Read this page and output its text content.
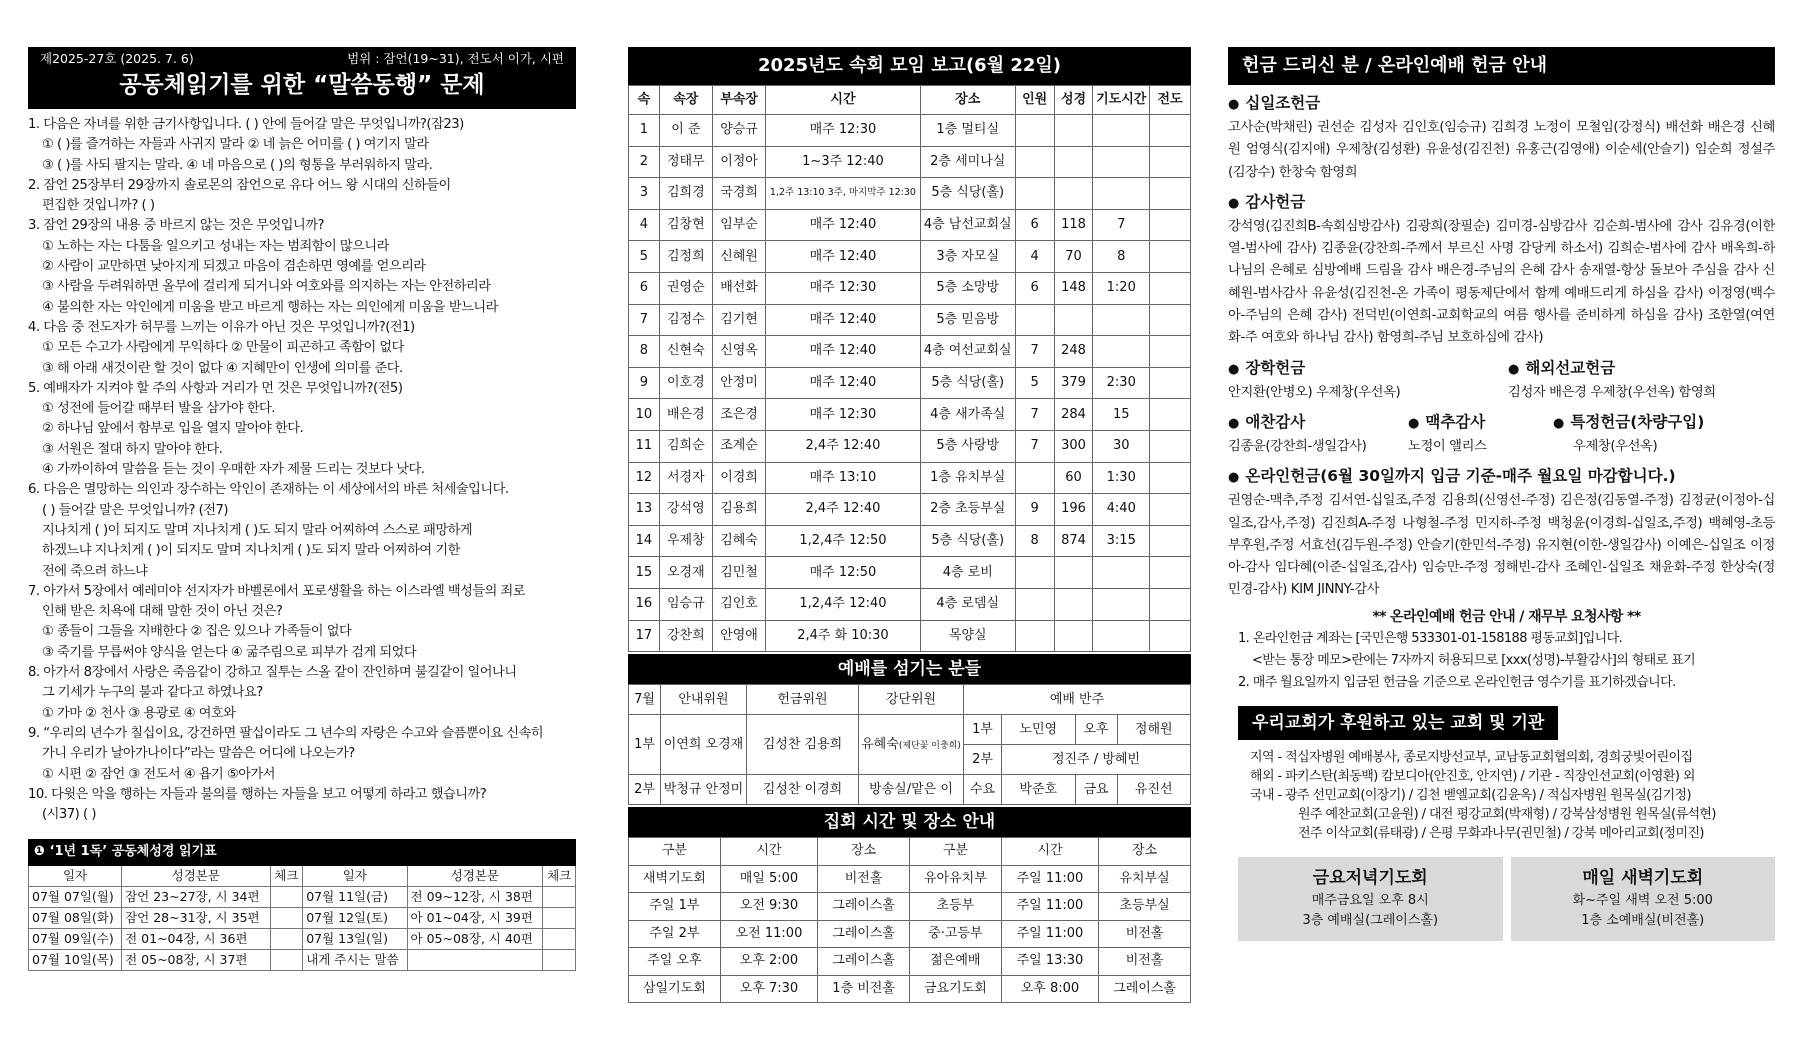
제2025-27호 (2025. 7. 6)	범위 : 잠언(19~31), 전도서 이가, 시편
공동체읽기를 위한 “말씀동행” 문제

1. 다음은 자녀를 위한 금기사항입니다. ( ) 안에 들어갈 말은 무엇입니까?(잠23)

① ( )를 즐겨하는 자들과 사귀지 말라 ② 네 늙은 어미를 ( ) 여기지 말라

③ ( )를 사되 팔지는 말라. ④ 네 마음으로 ( )의 형통을 부러워하지 말라.

2. 잠언 25장부터 29장까지 솔로몬의 잠언으로 유다 어느 왕 시대의 신하들이

편집한 것입니까? ( )

3. 잠언 29장의 내용 중 바르지 않는 것은 무엇입니까?

① 노하는 자는 다툼을 일으키고 성내는 자는 범죄함이 많으니라

② 사람이 교만하면 낮아지게 되겠고 마음이 겸손하면 영예를 얻으리라

③ 사람을 두려워하면 올무에 걸리게 되거니와 여호와를 의지하는 자는 안전하리라

④ 불의한 자는 악인에게 미움을 받고 바르게 행하는 자는 의인에게 미움을 받느니라

4. 다음 중 전도자가 허무를 느끼는 이유가 아닌 것은 무엇입니까?(전1)

① 모든 수고가 사람에게 무익하다 ② 만물이 피곤하고 족함이 없다

③ 해 아래 새것이란 할 것이 없다 ④ 지혜만이 인생에 의미를 준다.

5. 예배자가 지켜야 할 주의 사항과 거리가 먼 것은 무엇입니까?(전5)

① 성전에 들어갈 때부터 발을 삼가야 한다.

② 하나님 앞에서 함부로 입을 열지 말아야 한다.

③ 서원은 절대 하지 말아야 한다.

④ 가까이하여 말씀을 듣는 것이 우매한 자가 제물 드리는 것보다 낫다.

6. 다음은 멸망하는 의인과 장수하는 악인이 존재하는 이 세상에서의 바른 처세술입니다.

( ) 들어갈 말은 무엇입니까? (전7)

지나치게 ( )이 되지도 말며 지나치게 ( )도 되지 말라 어찌하여 스스로 패망하게

하겠느냐 지나치게 ( )이 되지도 말며 지나치게 ( )도 되지 말라 어찌하여 기한

전에 죽으려 하느냐

7. 아가서 5장에서 예레미야 선지자가 바벨론에서 포로생활을 하는 이스라엘 백성들의 죄로

인해 받은 치욕에 대해 말한 것이 아닌 것은?

① 종들이 그들을 지배한다 ② 집은 있으나 가족들이 없다

③ 죽기를 무릅써야 양식을 얻는다 ④ 굶주림으로 피부가 검게 되었다

8. 아가서 8장에서 사랑은 죽음같이 강하고 질투는 스올 같이 잔인하며 불길같이 일어나니

그 기세가 누구의 불과 같다고 하였나요?

① 가마 ② 천사 ③ 용광로 ④ 여호와

9. “우리의 년수가 칠십이요, 강건하면 팔십이라도 그 년수의 자랑은 수고와 슬픔뿐이요 신속히

가니 우리가 날아가나이다”라는 말씀은 어디에 나오는가?

① 시편 ② 잠언 ③ 전도서 ④ 욥기 ⑤아가서

10. 다윗은 악을 행하는 자들과 불의를 행하는 자들을 보고 어떻게 하라고 했습니까?

(시37) ( )

❶ ‘1년 1독’ 공동체성경 읽기표
일자	성경본문	체크	일자	성경본문	체크
07월 07일(월)	잠언 23~27장, 시 34편		07월 11일(금)	전 09~12장, 시 38편	
07월 08일(화)	잠언 28~31장, 시 35편		07월 12일(토)	아 01~04장, 시 39편	
07월 09일(수)	전 01~04장, 시 36편		07월 13일(일)	아 05~08장, 시 40편	
07월 10일(목)	전 05~08장, 시 37편		내게 주시는 말씀		
2025년도 속회 모임 보고(6월 22일)
속	속장	부속장	시간	장소	인원	성경	기도시간	전도
1	이 준	양승규	매주 12:30	1층 멀티실				
2	정태무	이정아	1~3주 12:40	2층 세미나실				
3	김희경	국경희	1,2주 13:10 3주, 마지막주 12:30	5층 식당(홀)				
4	김창현	임부순	매주 12:40	4층 남선교회실	6	118	7	
5	김정희	신혜원	매주 12:40	3층 자모실	4	70	8	
6	권영순	배선화	매주 12:30	5층 소망방	6	148	1:20	
7	김정수	김기현	매주 12:40	5층 믿음방				
8	신현숙	신영옥	매주 12:40	4층 여선교회실	7	248		
9	이호경	안정미	매주 12:40	5층 식당(홀)	5	379	2:30	
10	배은경	조은경	매주 12:30	4층 새가족실	7	284	15	
11	김희순	조계순	2,4주 12:40	5층 사랑방	7	300	30	
12	서경자	이경희	매주 13:10	1층 유치부실		60	1:30	
13	강석영	김용희	2,4주 12:40	2층 초등부실	9	196	4:40	
14	우제창	김혜숙	1,2,4주 12:50	5층 식당(홀)	8	874	3:15	
15	오경재	김민철	매주 12:50	4층 로비				
16	임승규	김인호	1,2,4주 12:40	4층 로뎀실				
17	강찬희	안영애	2,4주 화 10:30	목양실				
예배를 섬기는 분들
7월	안내위원	헌금위원	강단위원	예배 반주			
1부	이연희 오경재	김성찬 김용희	유혜숙(제단꽃 이충희)	1부	노민영	오후	정해원
				2부	정진주 / 방혜빈		
2부	박청규 안정미	김성찬 이경희	방송실/맡은 이	수요	박준호	금요	유진선
집회 시간 및 장소 안내
구분	시간	장소	구분	시간	장소
새벽기도회	매일 5:00	비전홀	유아유치부	주일 11:00	유치부실
주일 1부	오전 9:30	그레이스홀	초등부	주일 11:00	초등부실
주일 2부	오전 11:00	그레이스홀	중·고등부	주일 11:00	비전홀
주일 오후	오후 2:00	그레이스홀	젊은예배	주일 13:30	비전홀
삼일기도회	오후 7:30	1층 비전홀	금요기도회	오후 8:00	그레이스홀
헌금 드리신 분 / 온라인예배 헌금 안내
● 십일조헌금

고사순(박채린) 권선순 김성자 김인호(임승규) 김희경 노정이 모철임(강정식) 배선화 배은경 신혜원 엄영식(김지애) 우제창(김성환) 유윤성(김진천) 유홍근(김영애) 이순세(안슬기) 임순희 정설주(김장수) 한창숙 함영희

● 감사헌금

강석영(김진희B-속회심방감사) 김광희(장필순) 김미경-심방감사 김순희-범사에 감사 김유경(이한열-범사에 감사) 김종윤(강찬희-주께서 부르신 사명 감당케 하소서) 김희순-범사에 감사 배옥희-하나님의 은혜로 심방예배 드림을 감사 배은경-주님의 은혜 감사 송재열-항상 돌보아 주심을 감사 신혜원-범사감사 유윤성(김진천-온 가족이 평동제단에서 함께 예배드리게 하심을 감사) 이정영(백수아-주님의 은혜 감사) 전덕빈(이연희-교회학교의 여름 행사를 준비하게 하심을 감사) 조한열(여연화-주 여호와 하나님 감사) 함영희-주님 보호하심에 감사)

● 장학헌금

안지환(안병오) 우제창(우선옥)

● 해외선교헌금

김성자 배은경 우제창(우선옥) 함영희

● 애찬감사

김종윤(강찬희-생일감사)

● 맥추감사

노정이 앨리스

● 특정헌금(차량구입)

우제창(우선옥)

● 온라인헌금(6월 30일까지 입금 기준-매주 월요일 마감합니다.)

권영순-맥추,주정 김서연-십일조,주정 김용희(신영선-주정) 김은정(김동열-주정) 김정균(이정아-십일조,감사,주정) 김진희A-주정 나형철-주정 민지하-주정 백청윤(이경희-십일조,주정) 백혜영-초등부후원,주정 서효선(김두원-주정) 안슬기(한민석-주정) 유지현(이한-생일감사) 이예은-십일조 이정아-감사 임다혜(이준-십일조,감사) 임승만-주정 정해빈-감사 조혜인-십일조 채윤화-주정 한상숙(정민경-감사) KIM JINNY-감사

** 온라인예배 헌금 안내 / 재무부 요청사항 **
1. 온라인헌금 계좌는 [국민은행 533301-01-158188 평동교회]입니다.
<받는 통장 메모>란에는 7자까지 허용되므로 [xxx(성명)-부활감사]의 형태로 표기
2. 매주 월요일까지 입금된 헌금을 기준으로 온라인헌금 영수기를 표기하겠습니다.
우리교회가 후원하고 있는 교회 및 기관

지역 - 적십자병원 예배봉사, 종로지방선교부, 교남동교회협의회, 경희궁빛어린이집

해외 - 파키스탄(최동백) 캄보디아(안진호, 안지연) / 기관 - 직장인선교회(이영환) 외

국내 - 광주 선민교회(이장기) / 김천 벧엘교회(김윤옥) / 적십자병원 원목실(김기정)

원주 예찬교회(고윤원) / 대전 평강교회(박재형) / 강북삼성병원 원목실(류석현)

전주 이삭교회(류태광) / 은평 무화과나무(권민철) / 강북 메아리교회(정미진)

금요저녁기도회
매주금요일 오후 8시
3층 예배실(그레이스홀)
매일 새벽기도회
화~주일 새벽 오전 5:00
1층 소예배실(비전홀)
